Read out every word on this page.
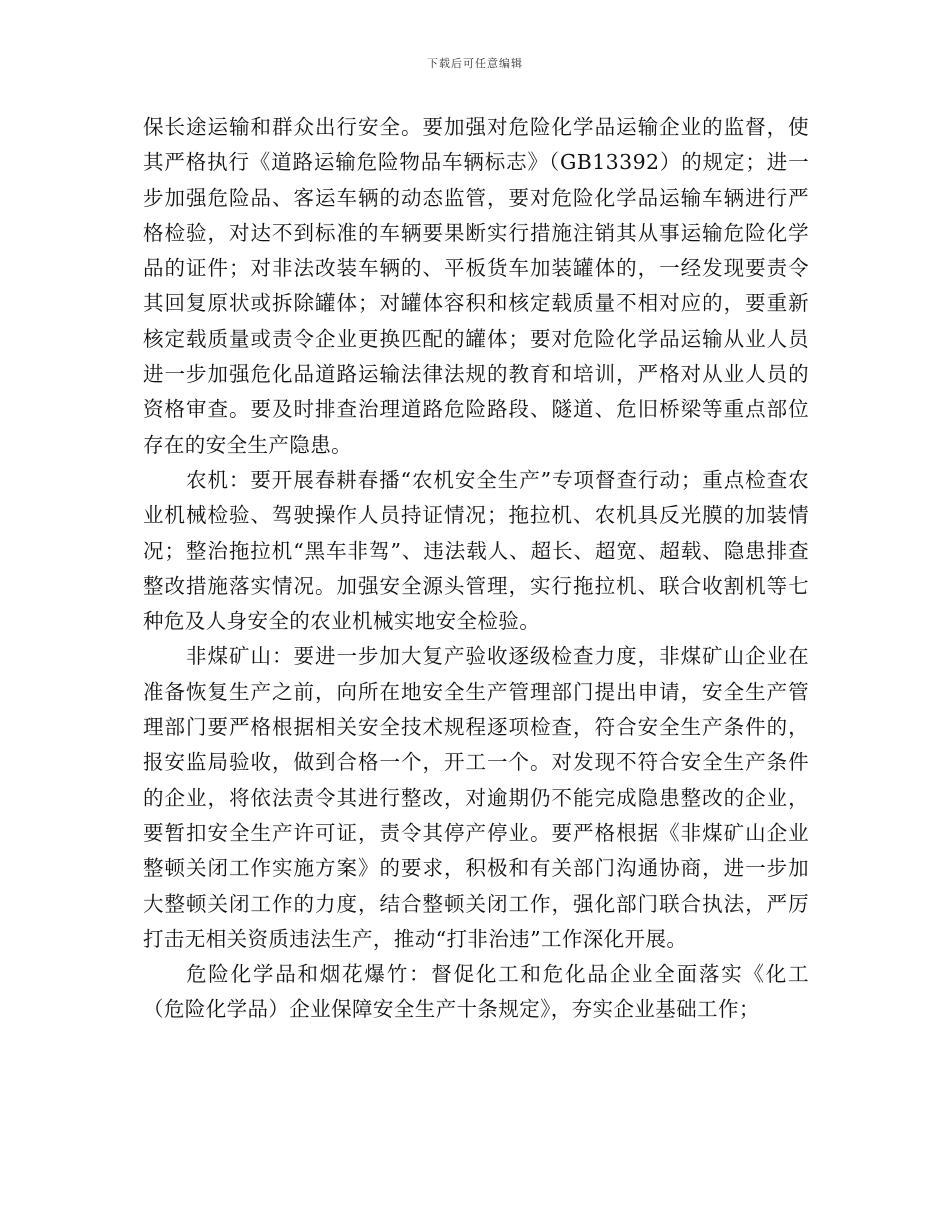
下载后可任意编辑

保长途运输和群众出行安全。要加强对危险化学品运输企业的监督，使其严格执行《道路运输危险物品车辆标志》（GB13392）的规定；进一步加强危险品、客运车辆的动态监管，要对危险化学品运输车辆进行严格检验，对达不到标准的车辆要果断实行措施注销其从事运输危险化学品的证件；对非法改装车辆的、平板货车加装罐体的，一经发现要责令其回复原状或拆除罐体；对罐体容积和核定载质量不相对应的，要重新核定载质量或责令企业更换匹配的罐体；要对危险化学品运输从业人员进一步加强危化品道路运输法律法规的教育和培训，严格对从业人员的资格审查。要及时排查治理道路危险路段、隧道、危旧桥梁等重点部位存在的安全生产隐患。

农机：要开展春耕春播“农机安全生产”专项督查行动；重点检查农业机械检验、驾驶操作人员持证情况；拖拉机、农机具反光膜的加装情况；整治拖拉机“黑车非驾”、违法载人、超长、超宽、超载、隐患排查整改措施落实情况。加强安全源头管理，实行拖拉机、联合收割机等七种危及人身安全的农业机械实地安全检验。

非煤矿山：要进一步加大复产验收逐级检查力度，非煤矿山企业在准备恢复生产之前，向所在地安全生产管理部门提出申请，安全生产管理部门要严格根据相关安全技术规程逐项检查，符合安全生产条件的，报安监局验收，做到合格一个，开工一个。对发现不符合安全生产条件的企业，将依法责令其进行整改，对逾期仍不能完成隐患整改的企业，要暂扣安全生产许可证，责令其停产停业。要严格根据《非煤矿山企业整顿关闭工作实施方案》的要求，积极和有关部门沟通协商，进一步加大整顿关闭工作的力度，结合整顿关闭工作，强化部门联合执法，严厉打击无相关资质违法生产，推动“打非治违”工作深化开展。

危险化学品和烟花爆竹：督促化工和危化品企业全面落实《化工（危险化学品）企业保障安全生产十条规定》，夯实企业基础工作；
